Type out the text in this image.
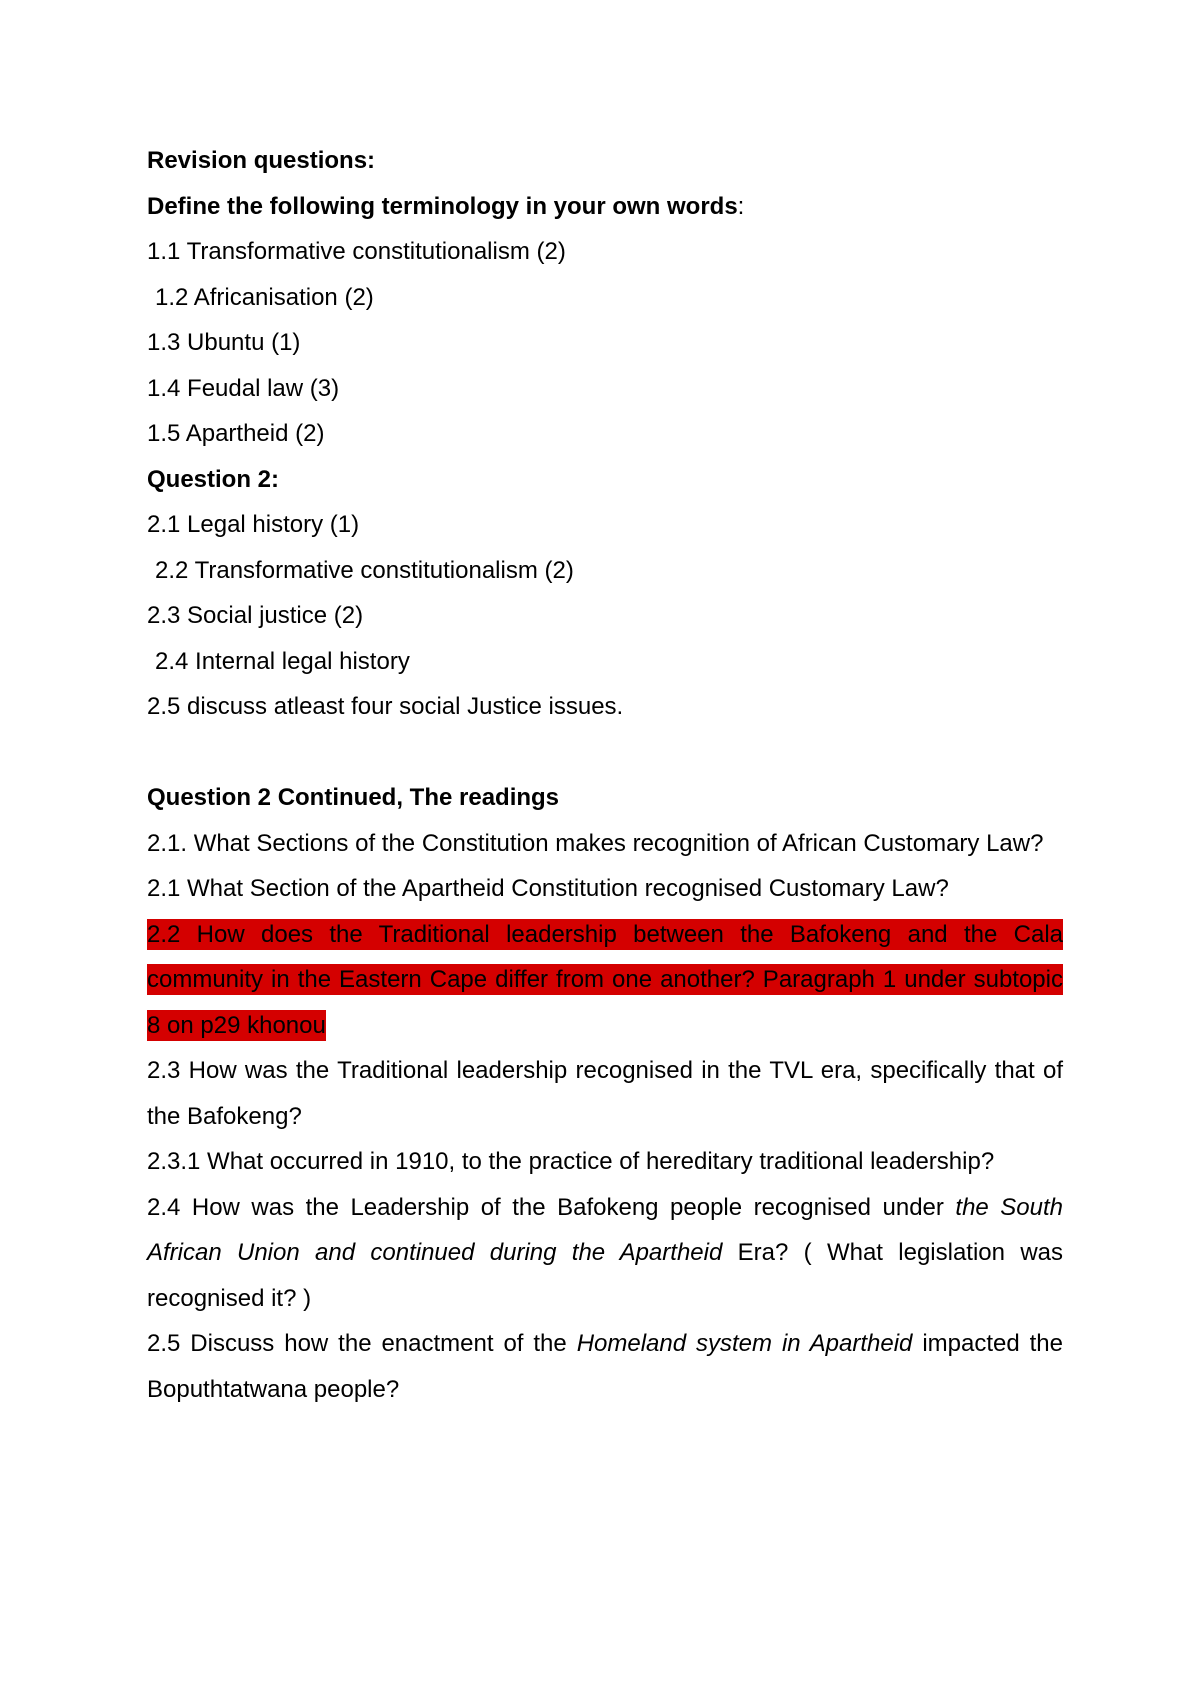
Revision questions:
Define the following terminology in your own words:
1.1 Transformative constitutionalism (2)
1.2 Africanisation (2)
1.3 Ubuntu (1)
1.4 Feudal law (3)
1.5 Apartheid (2)
Question 2:
2.1 Legal history (1)
2.2 Transformative constitutionalism (2)
2.3 Social justice (2)
2.4 Internal legal history
2.5 discuss atleast four social Justice issues.
Question 2 Continued, The readings
2.1. What Sections of the Constitution makes recognition of African Customary Law?
2.1 What Section of the Apartheid Constitution recognised Customary Law?
2.2 How does the Traditional leadership between the Bafokeng and the Cala community in the Eastern Cape differ from one another? Paragraph 1 under subtopic 8 on p29 khonou
2.3 How was the Traditional leadership recognised in the TVL era, specifically that of the Bafokeng?
2.3.1 What occurred in 1910, to the practice of hereditary traditional leadership?
2.4 How was the Leadership of the Bafokeng people recognised under the South African Union and continued during the Apartheid Era? ( What legislation was recognised it? )
2.5 Discuss how the enactment of the Homeland system in Apartheid impacted the Boputhtatwana people?
